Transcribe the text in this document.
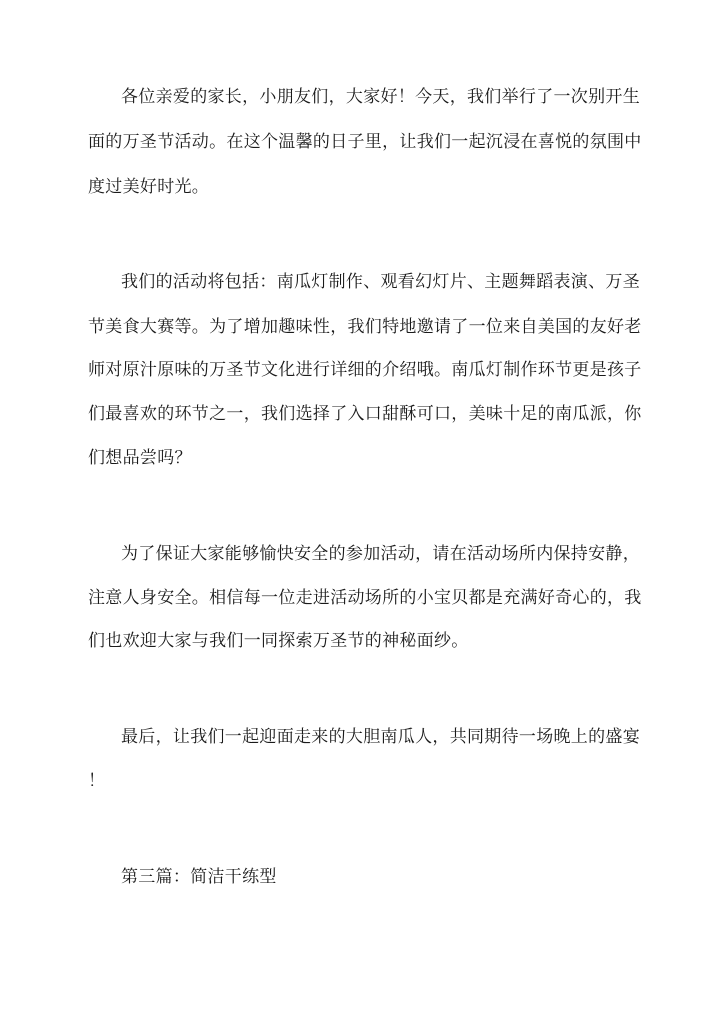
各位亲爱的家长，小朋友们，大家好！今天，我们举行了一次别开生
面的万圣节活动。在这个温馨的日子里，让我们一起沉浸在喜悦的氛围中
度过美好时光。
我们的活动将包括：南瓜灯制作、观看幻灯片、主题舞蹈表演、万圣
节美食大赛等。为了增加趣味性，我们特地邀请了一位来自美国的友好老
师对原汁原味的万圣节文化进行详细的介绍哦。南瓜灯制作环节更是孩子
们最喜欢的环节之一，我们选择了入口甜酥可口，美味十足的南瓜派，你
们想品尝吗？
为了保证大家能够愉快安全的参加活动，请在活动场所内保持安静，
注意人身安全。相信每一位走进活动场所的小宝贝都是充满好奇心的，我
们也欢迎大家与我们一同探索万圣节的神秘面纱。
最后，让我们一起迎面走来的大胆南瓜人，共同期待一场晚上的盛宴
！
第三篇：简洁干练型
